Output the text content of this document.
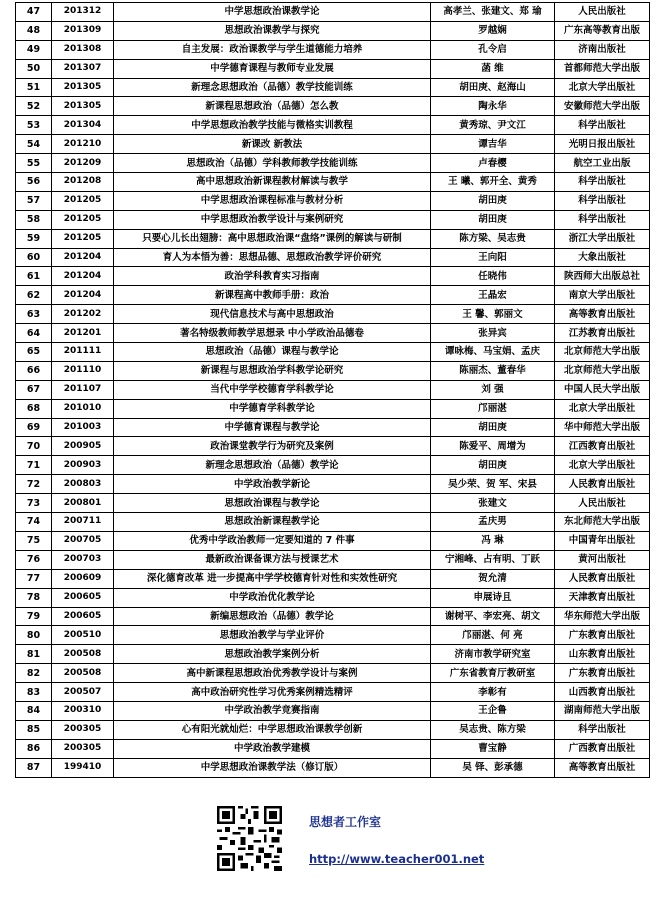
47	201312	中学思想政治课教学论	高孝兰、张建文、郑 瑜	人民出版社
48	201309	思想政治课教学与探究	罗越娴	广东高等教育出版
49	201308	自主发展：政治课教学与学生道德能力培养	孔令启	济南出版社
50	201307	中学德育课程与教师专业发展	菡 维	首都师范大学出版
51	201305	新理念思想政治（品德）教学技能训练	胡田庚、赵海山	北京大学出版社
52	201305	新课程思想政治（品德）怎么教	陶永华	安徽师范大学出版
53	201304	中学思想政治教学技能与微格实训教程	黄秀琼、尹文江	科学出版社
54	201210	新课改 新教法	谭吉华	光明日报出版社
55	201209	思想政治（品德）学科教师教学技能训练	卢春樱	航空工业出版
56	201208	高中思想政治新课程教材解读与教学	王 曦、郭开全、黄秀	科学出版社
57	201205	中学思想政治课程标准与教材分析	胡田庚	科学出版社
58	201205	中学思想政治教学设计与案例研究	胡田庚	科学出版社
59	201205	只要心儿长出翅膀：高中思想政治课“盘络”课例的解读与研制	陈方梁、吴志贵	浙江大学出版社
60	201204	育人为本悟为善：思想品德、思想政治教学评价研究	王向阳	大象出版社
61	201204	政治学科教育实习指南	任晓伟	陕西师大出版总社
62	201204	新课程高中教师手册：政治	王晶宏	南京大学出版社
63	201202	现代信息技术与高中思想政治	王 馨、郭丽文	高等教育出版社
64	201201	著名特级教师教学思想录 中小学政治品德卷	张异宾	江苏教育出版社
65	201111	思想政治（品德）课程与教学论	谭咏梅、马宝娟、孟庆	北京师范大学出版
66	201110	新课程与思想政治学科教学论研究	陈丽杰、董春华	北京师范大学出版
67	201107	当代中学学校德育学科教学论	刘 强	中国人民大学出版
68	201010	中学德育学科教学论	邝丽湛	北京大学出版社
69	201003	中学德育课程与教学论	胡田庚	华中师范大学出版
70	200905	政治课堂教学行为研究及案例	陈爱平、周增为	江西教育出版社
71	200903	新理念思想政治（品德）教学论	胡田庚	北京大学出版社
72	200803	中学政治教学新论	吴少荣、贺 军、宋县	人民教育出版社
73	200801	思想政治课程与教学论	张建文	人民出版社
74	200711	思想政治新课程教学论	孟庆男	东北师范大学出版
75	200705	优秀中学政治教师一定要知道的 7 件事	冯 琳	中国青年出版社
76	200703	最新政治课备课方法与授课艺术	宁湘峰、占有明、丁跃	黄河出版社
77	200609	深化德育改革 进一步提高中学学校德育针对性和实效性研究	贺允清	人民教育出版社
78	200605	中学政治优化教学论	申展诗且	天津教育出版社
79	200605	新编思想政治（品德）教学论	谢树平、李宏亮、胡文	华东师范大学出版
80	200510	思想政治教学与学业评价	邝丽湛、何 亮	广东教育出版社
81	200508	思想政治教学案例分析	济南市教学研究室	山东教育出版社
82	200508	高中新课程思想政治优秀教学设计与案例	广东省教育厅教研室	广东教育出版社
83	200507	高中政治研究性学习优秀案例精选精评	李彰有	山西教育出版社
84	200310	中学政治教学竞赛指南	王企鲁	湖南师范大学出版
85	200305	心有阳光就灿烂：中学思想政治课教学创新	吴志贵、陈方梁	科学出版社
86	200305	中学政治教学建模	曹宝静	广西教育出版社
87	199410	中学思想政治课教学法（修订版）	吴 铎、彭承德	高等教育出版社
思想者工作室
http://www.teacher001.net
